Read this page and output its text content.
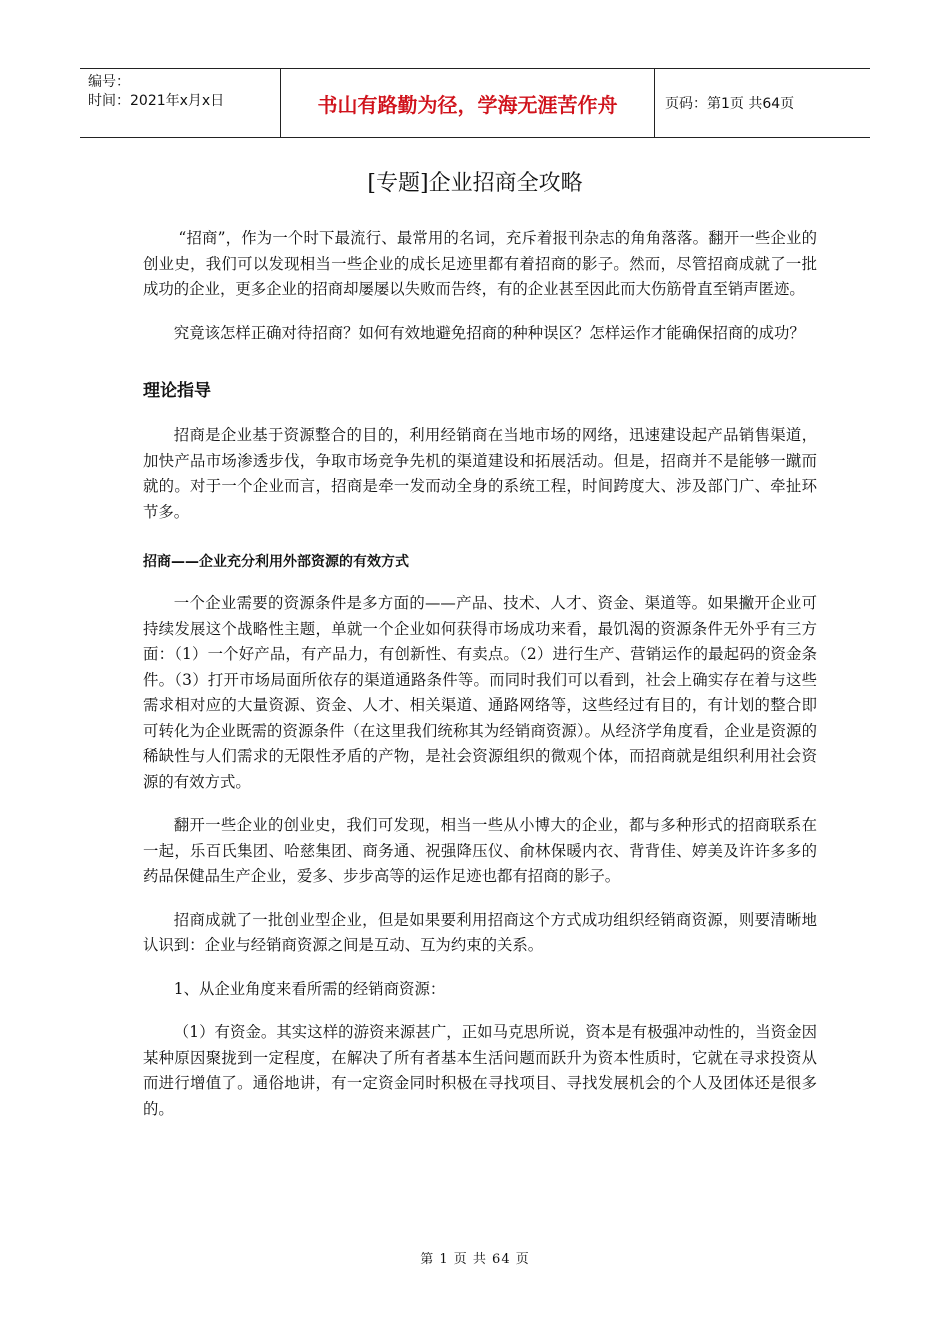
编号：
时间：2021年x月x日	书山有路勤为径，学海无涯苦作舟	页码：第1页 共64页
[专题]企业招商全攻略

“招商”，作为一个时下最流行、最常用的名词，充斥着报刊杂志的角角落落。翻开一些企业的创业史，我们可以发现相当一些企业的成长足迹里都有着招商的影子。然而，尽管招商成就了一批成功的企业，更多企业的招商却屡屡以失败而告终，有的企业甚至因此而大伤筋骨直至销声匿迹。

究竟该怎样正确对待招商？如何有效地避免招商的种种误区？怎样运作才能确保招商的成功？

理论指导

招商是企业基于资源整合的目的，利用经销商在当地市场的网络，迅速建设起产品销售渠道，加快产品市场渗透步伐，争取市场竞争先机的渠道建设和拓展活动。但是，招商并不是能够一蹴而就的。对于一个企业而言，招商是牵一发而动全身的系统工程，时间跨度大、涉及部门广、牵扯环节多。

招商——企业充分利用外部资源的有效方式

一个企业需要的资源条件是多方面的——产品、技术、人才、资金、渠道等。如果撇开企业可持续发展这个战略性主题，单就一个企业如何获得市场成功来看，最饥渴的资源条件无外乎有三方面：（1）一个好产品，有产品力，有创新性、有卖点。（2）进行生产、营销运作的最起码的资金条件。（3）打开市场局面所依存的渠道通路条件等。而同时我们可以看到，社会上确实存在着与这些需求相对应的大量资源、资金、人才、相关渠道、通路网络等，这些经过有目的，有计划的整合即可转化为企业既需的资源条件（在这里我们统称其为经销商资源）。从经济学角度看，企业是资源的稀缺性与人们需求的无限性矛盾的产物，是社会资源组织的微观个体，而招商就是组织利用社会资源的有效方式。

翻开一些企业的创业史，我们可发现，相当一些从小博大的企业，都与多种形式的招商联系在一起，乐百氏集团、哈慈集团、商务通、祝强降压仪、俞林保暖内衣、背背佳、婷美及许许多多的药品保健品生产企业，爱多、步步高等的运作足迹也都有招商的影子。

招商成就了一批创业型企业，但是如果要利用招商这个方式成功组织经销商资源，则要清晰地认识到：企业与经销商资源之间是互动、互为约束的关系。

1、从企业角度来看所需的经销商资源：

（1）有资金。其实这样的游资来源甚广，正如马克思所说，资本是有极强冲动性的，当资金因某种原因聚拢到一定程度，在解决了所有者基本生活问题而跃升为资本性质时，它就在寻求投资从而进行增值了。通俗地讲，有一定资金同时积极在寻找项目、寻找发展机会的个人及团体还是很多的。

第 1 页 共 64 页
